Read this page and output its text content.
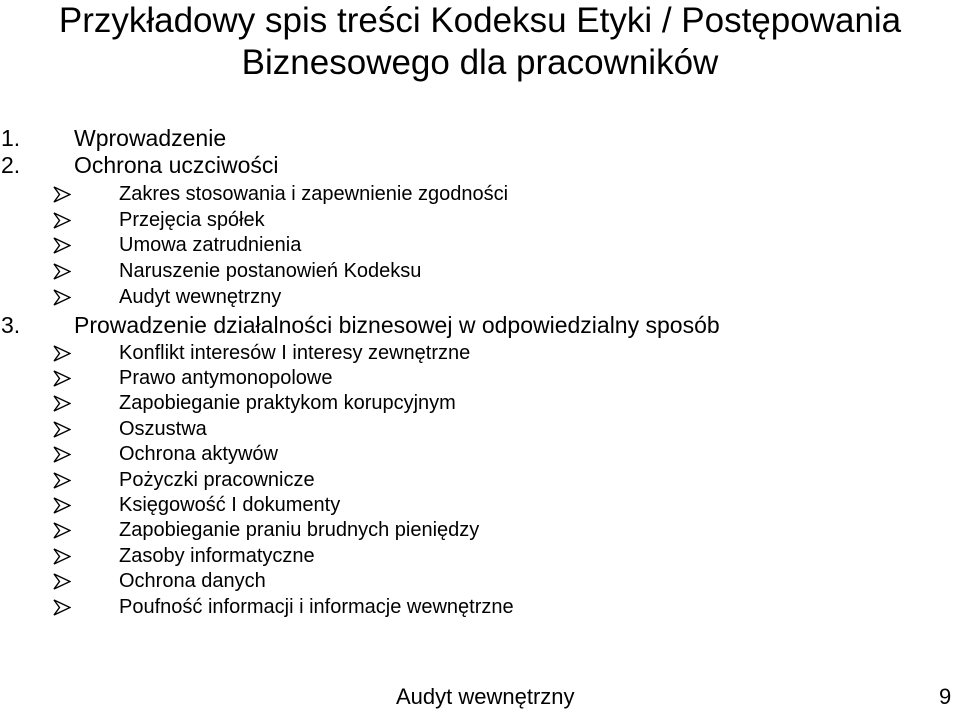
Przykładowy spis treści Kodeksu Etyki / Postępowania
Biznesowego dla pracowników
1. Wprowadzenie
2. Ochrona uczciwości
Zakres stosowania i zapewnienie zgodności
Przejęcia spółek
Umowa zatrudnienia
Naruszenie postanowień Kodeksu
Audyt wewnętrzny
3. Prowadzenie działalności biznesowej w odpowiedzialny sposób
Konflikt interesów I interesy zewnętrzne
Prawo antymonopolowe
Zapobieganie praktykom korupcyjnym
Oszustwa
Ochrona aktywów
Pożyczki pracownicze
Księgowość I dokumenty
Zapobieganie praniu brudnych pieniędzy
Zasoby informatyczne
Ochrona danych
Poufność informacji i informacje wewnętrzne
Audyt wewnętrzny	9
